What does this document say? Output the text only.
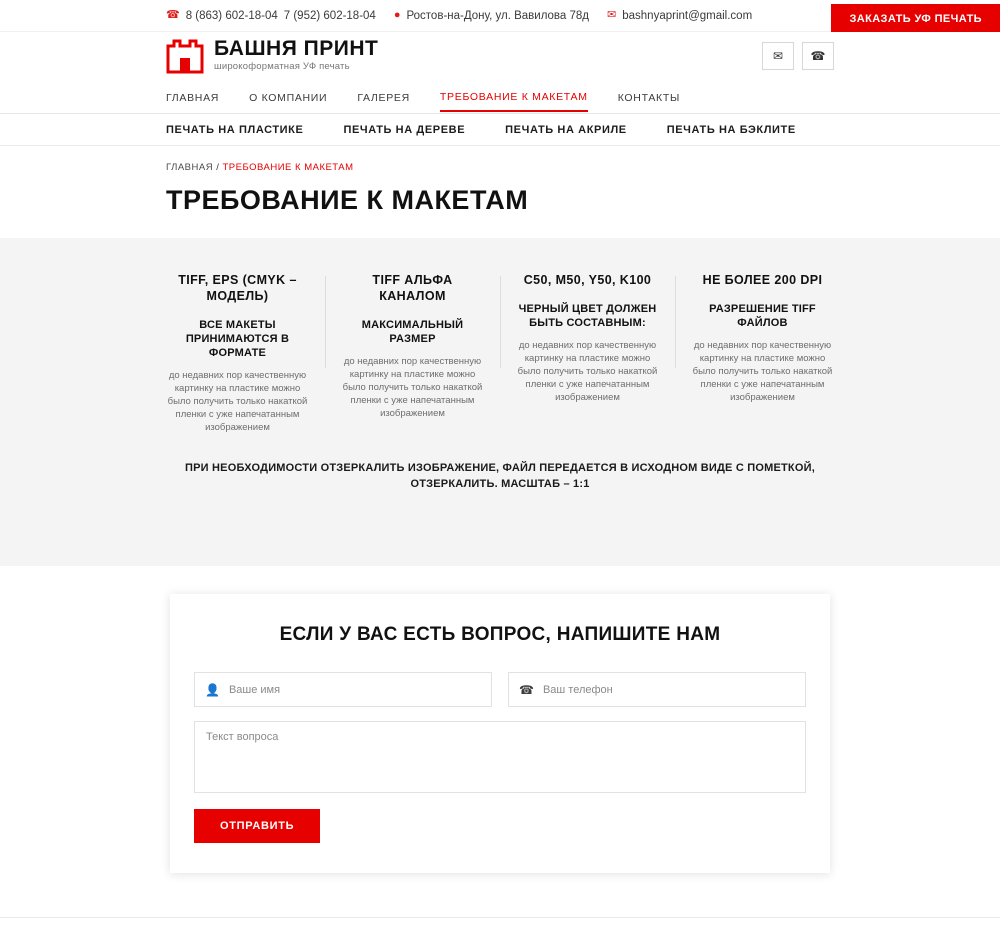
☎ 8 (863) 602-18-04 7 (952) 602-18-04 ● Ростов-на-Дону, ул. Вавилова 78д ✉ bashnyaprint@gmail.com	ЗАКАЗАТЬ УФ ПЕЧАТЬ
БАШНЯ ПРИНТ
широкоформатная УФ печать
✉	☎
ГЛАВНАЯ	О КОМПАНИИ	ГАЛЕРЕЯ	ТРЕБОВАНИЕ К МАКЕТАМ	КОНТАКТЫ
ПЕЧАТЬ НА ПЛАСТИКЕ	ПЕЧАТЬ НА ДЕРЕВЕ	ПЕЧАТЬ НА АКРИЛЕ	ПЕЧАТЬ НА БЭКЛИТЕ
ГЛАВНАЯ / ТРЕБОВАНИЕ К МАКЕТАМ
ТРЕБОВАНИЕ К МАКЕТАМ
TIFF, EPS (CMYK – МОДЕЛЬ)
ВСЕ МАКЕТЫ ПРИНИМАЮТСЯ В ФОРМАТЕ
до недавних пор качественную картинку на пластике можно было получить только накаткой пленки с уже напечатанным изображением
TIFF АЛЬФА КАНАЛОМ
МАКСИМАЛЬНЫЙ РАЗМЕР
до недавних пор качественную картинку на пластике можно было получить только накаткой пленки с уже напечатанным изображением
C50, M50, Y50, K100
ЧЕРНЫЙ ЦВЕТ ДОЛЖЕН БЫТЬ СОСТАВНЫМ:
до недавних пор качественную картинку на пластике можно было получить только накаткой пленки с уже напечатанным изображением
НЕ БОЛЕЕ 200 DPI
РАЗРЕШЕНИЕ TIFF ФАЙЛОВ
до недавних пор качественную картинку на пластике можно было получить только накаткой пленки с уже напечатанным изображением
ПРИ НЕОБХОДИМОСТИ ОТЗЕРКАЛИТЬ ИЗОБРАЖЕНИЕ, ФАЙЛ ПЕРЕДАЕТСЯ В ИСХОДНОМ ВИДЕ С ПОМЕТКОЙ, ОТЗЕРКАЛИТЬ. МАСШТАБ – 1:1
ЕСЛИ У ВАС ЕСТЬ ВОПРОС, НАПИШИТЕ НАМ
👤
Ваше имя	☎
Ваш телефон
Текст вопроса
ОТПРАВИТЬ
